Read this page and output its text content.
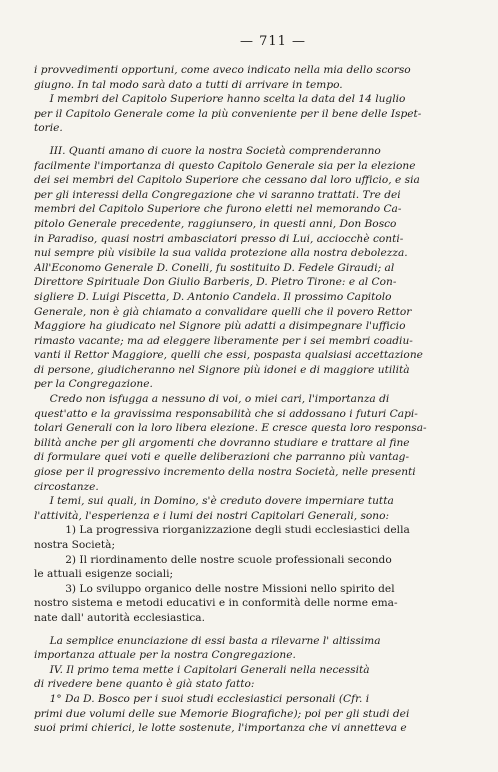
— 711 —
i provvedimenti opportuni, come aveco indicato nella mia dello scorso
giugno. In tal modo sarà dato a tutti di arrivare in tempo.
I membri del Capitolo Superiore hanno scelta la data del 14 luglio
per il Capitolo Generale come la più conveniente per il bene delle Ispet-
torie.
III. Quanti amano di cuore la nostra Società comprenderanno
facilmente l'importanza di questo Capitolo Generale sia per la elezione
dei sei membri del Capitolo Superiore che cessano dal loro ufficio, e sia
per gli interessi della Congregazione che vi saranno trattati. Tre dei
membri del Capitolo Superiore che furono eletti nel memorando Ca-
pitolo Generale precedente, raggiunsero, in questi anni, Don Bosco
in Paradiso, quasi nostri ambasciatori presso di Lui, acciocchè conti-
nui sempre più visibile la sua valida protezione alla nostra debolezza.
All'Economo Generale D. Conelli, fu sostituito D. Fedele Giraudi; al
Direttore Spirituale Don Giulio Barberis, D. Pietro Tirone: e al Con-
sigliere D. Luigi Piscetta, D. Antonio Candela. Il prossimo Capitolo
Generale, non è già chiamato a convalidare quelli che il povero Rettor
Maggiore ha giudicato nel Signore più adatti a disimpegnare l'ufficio
rimasto vacante; ma ad eleggere liberamente per i sei membri coadiu-
vanti il Rettor Maggiore, quelli che essi, pospasta qualsiasi accettazione
di persone, giudicheranno nel Signore più idonei e di maggiore utilità
per la Congregazione.
Credo non isfugga a nessuno di voi, o miei cari, l'importanza di
quest'atto e la gravissima responsabilità che si addossano i futuri Capi-
tolari Generali con la loro libera elezione. E cresce questa loro responsa-
bilità anche per gli argomenti che dovranno studiare e trattare al fine
di formulare quei voti e quelle deliberazioni che parranno più vantag-
giose per il progressivo incremento della nostra Società, nelle presenti
circostanze.
I temi, sui quali, in Domino, s'è creduto dovere imperniare tutta
l'attività, l'esperienza e i lumi dei nostri Capitolari Generali, sono:
1) La progressiva riorganizzazione degli studi ecclesiastici della
nostra Società;
2) Il riordinamento delle nostre scuole professionali secondo
le attuali esigenze sociali;
3) Lo sviluppo organico delle nostre Missioni nello spirito del
nostro sistema e metodi educativi e in conformità delle norme ema-
nate dall' autorità ecclesiastica.
La semplice enunciazione di essi basta a rilevarne l' altissima
importanza attuale per la nostra Congregazione.
IV. Il primo tema mette i Capitolari Generali nella necessità
di rivedere bene quanto è già stato fatto:
1° Da D. Bosco per i suoi studi ecclesiastici personali (Cfr. i
primi due volumi delle sue Memorie Biografiche); poi per gli studi dei
suoi primi chierici, le lotte sostenute, l'importanza che vi annetteva e
